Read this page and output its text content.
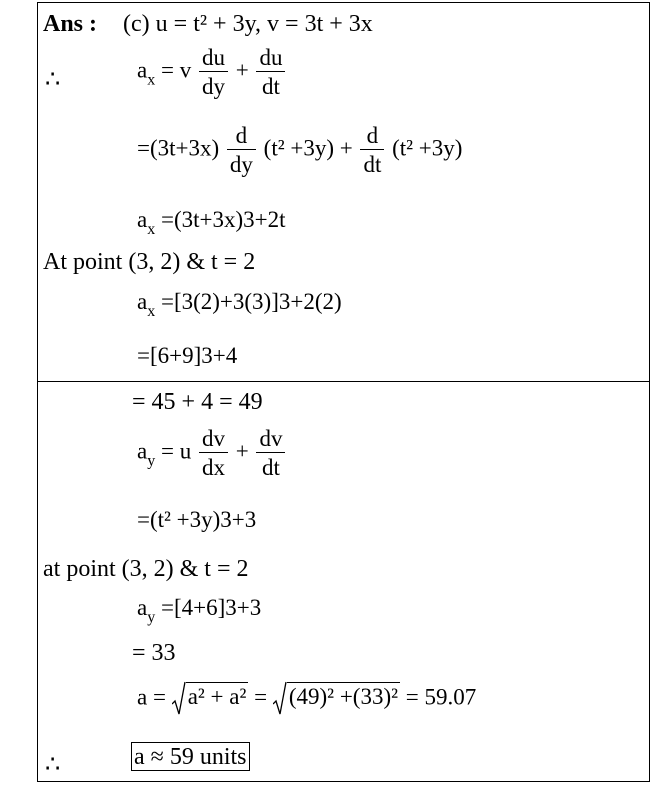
Ans : (c) u = t² + 3y, v = 3t + 3x
∴	$a_x = v \frac{du}{dy} + \frac{du}{dt}$
$=(3t+3x) \frac{d}{dy} (t^2 +3y) + \frac{d}{dt} (t^2 +3y)$
$a_x =(3t+3x)3+2t$
At point (3, 2) & t = 2
$a_x =[3(2)+3(3)]3+2(2)$
=[6+9]3+4
= 45 + 4 = 49
$a_y = u \frac{dv}{dx} + \frac{dv}{dt}$
=(t² +3y)3+3
at point (3, 2) & t = 2
$a_y =[4+6]3+3$
= 33
a = a² + a² = (49)² +(33)² = 59.07
∴	a ≈ 59 units
